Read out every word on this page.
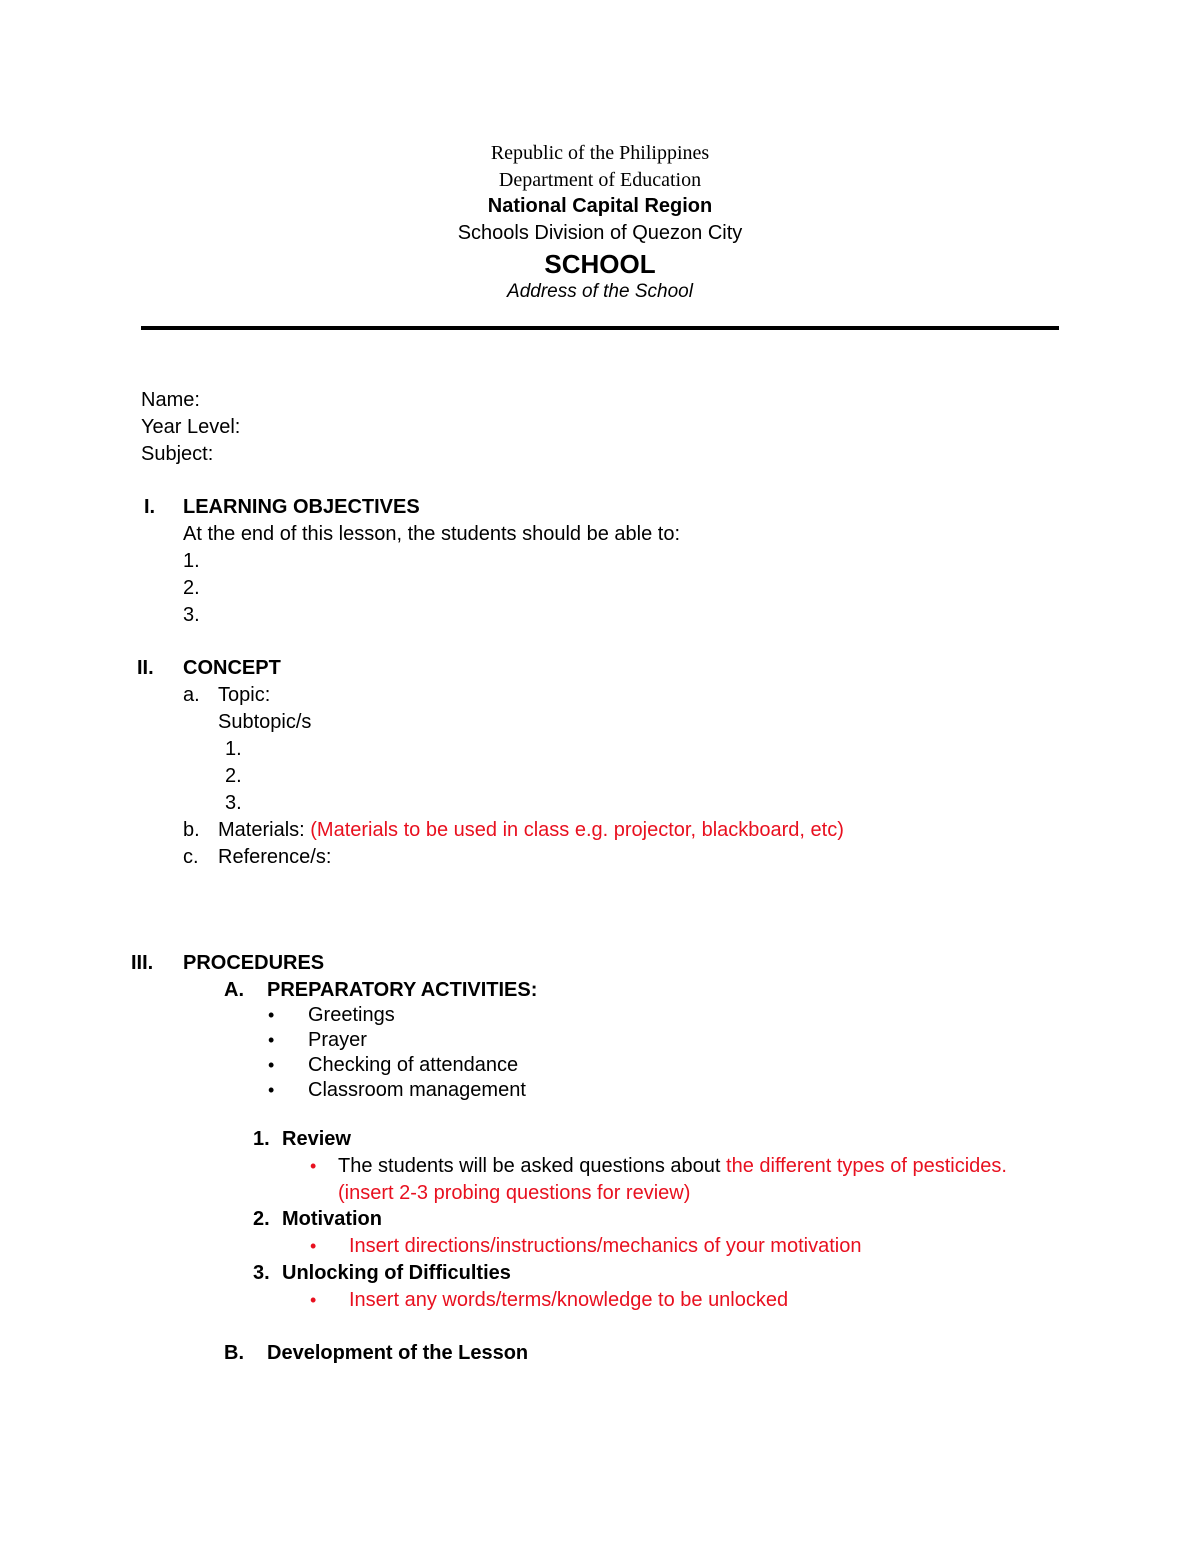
Republic of the Philippines
Department of Education
National Capital Region
Schools Division of Quezon City
SCHOOL
Address of the School
Name:
Year Level:
Subject:
I. LEARNING OBJECTIVES
At the end of this lesson, the students should be able to:
1.
2.
3.
II. CONCEPT
a. Topic:
Subtopic/s
1.
2.
3.
b. Materials: (Materials to be used in class e.g. projector, blackboard, etc)
c. Reference/s:
III. PROCEDURES
A. PREPARATORY ACTIVITIES:
• Greetings
• Prayer
• Checking of attendance
• Classroom management
1. Review
• The students will be asked questions about the different types of pesticides.
(insert 2-3 probing questions for review)
2. Motivation
• Insert directions/instructions/mechanics of your motivation
3. Unlocking of Difficulties
• Insert any words/terms/knowledge to be unlocked
B. Development of the Lesson
